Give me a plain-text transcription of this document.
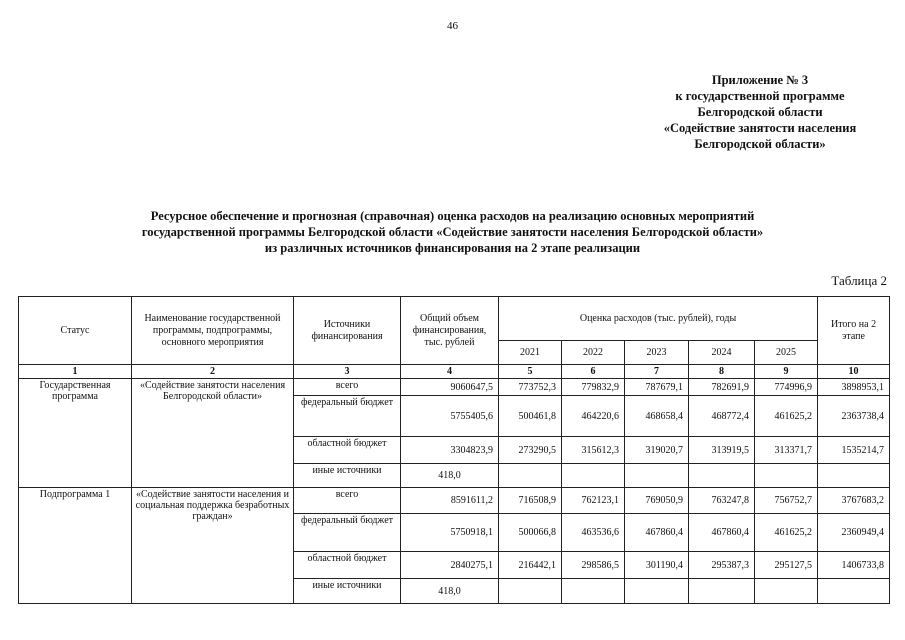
46
Приложение № 3
к государственной программе
Белгородской области
«Содействие занятости населения
Белгородской области»
Ресурсное обеспечение и прогнозная (справочная) оценка расходов на реализацию основных мероприятий
государственной программы Белгородской области «Содействие занятости населения Белгородской области»
из различных источников финансирования на 2 этапе реализации
Таблица 2
Статус	Наименование государственной программы, подпрограммы, основного мероприятия	Источники финансирования	Общий объем финансирования, тыс. рублей	Оценка расходов (тыс. рублей), годы					Итого на 2 этапе
				2021	2022	2023	2024	2025	
1	2	3	4	5	6	7	8	9	10
Государственная программа	«Содействие занятости населения Белгородской области»	всего	9060647,5	773752,3	779832,9	787679,1	782691,9	774996,9	3898953,1
		федеральный бюджет	5755405,6	500461,8	464220,6	468658,4	468772,4	461625,2	2363738,4
		областной бюджет	3304823,9	273290,5	315612,3	319020,7	313919,5	313371,7	1535214,7
		иные источники	418,0						
Подпрограмма 1	«Содействие занятости населения и социальная поддержка безработных граждан»	всего	8591611,2	716508,9	762123,1	769050,9	763247,8	756752,7	3767683,2
		федеральный бюджет	5750918,1	500066,8	463536,6	467860,4	467860,4	461625,2	2360949,4
		областной бюджет	2840275,1	216442,1	298586,5	301190,4	295387,3	295127,5	1406733,8
		иные источники	418,0						
